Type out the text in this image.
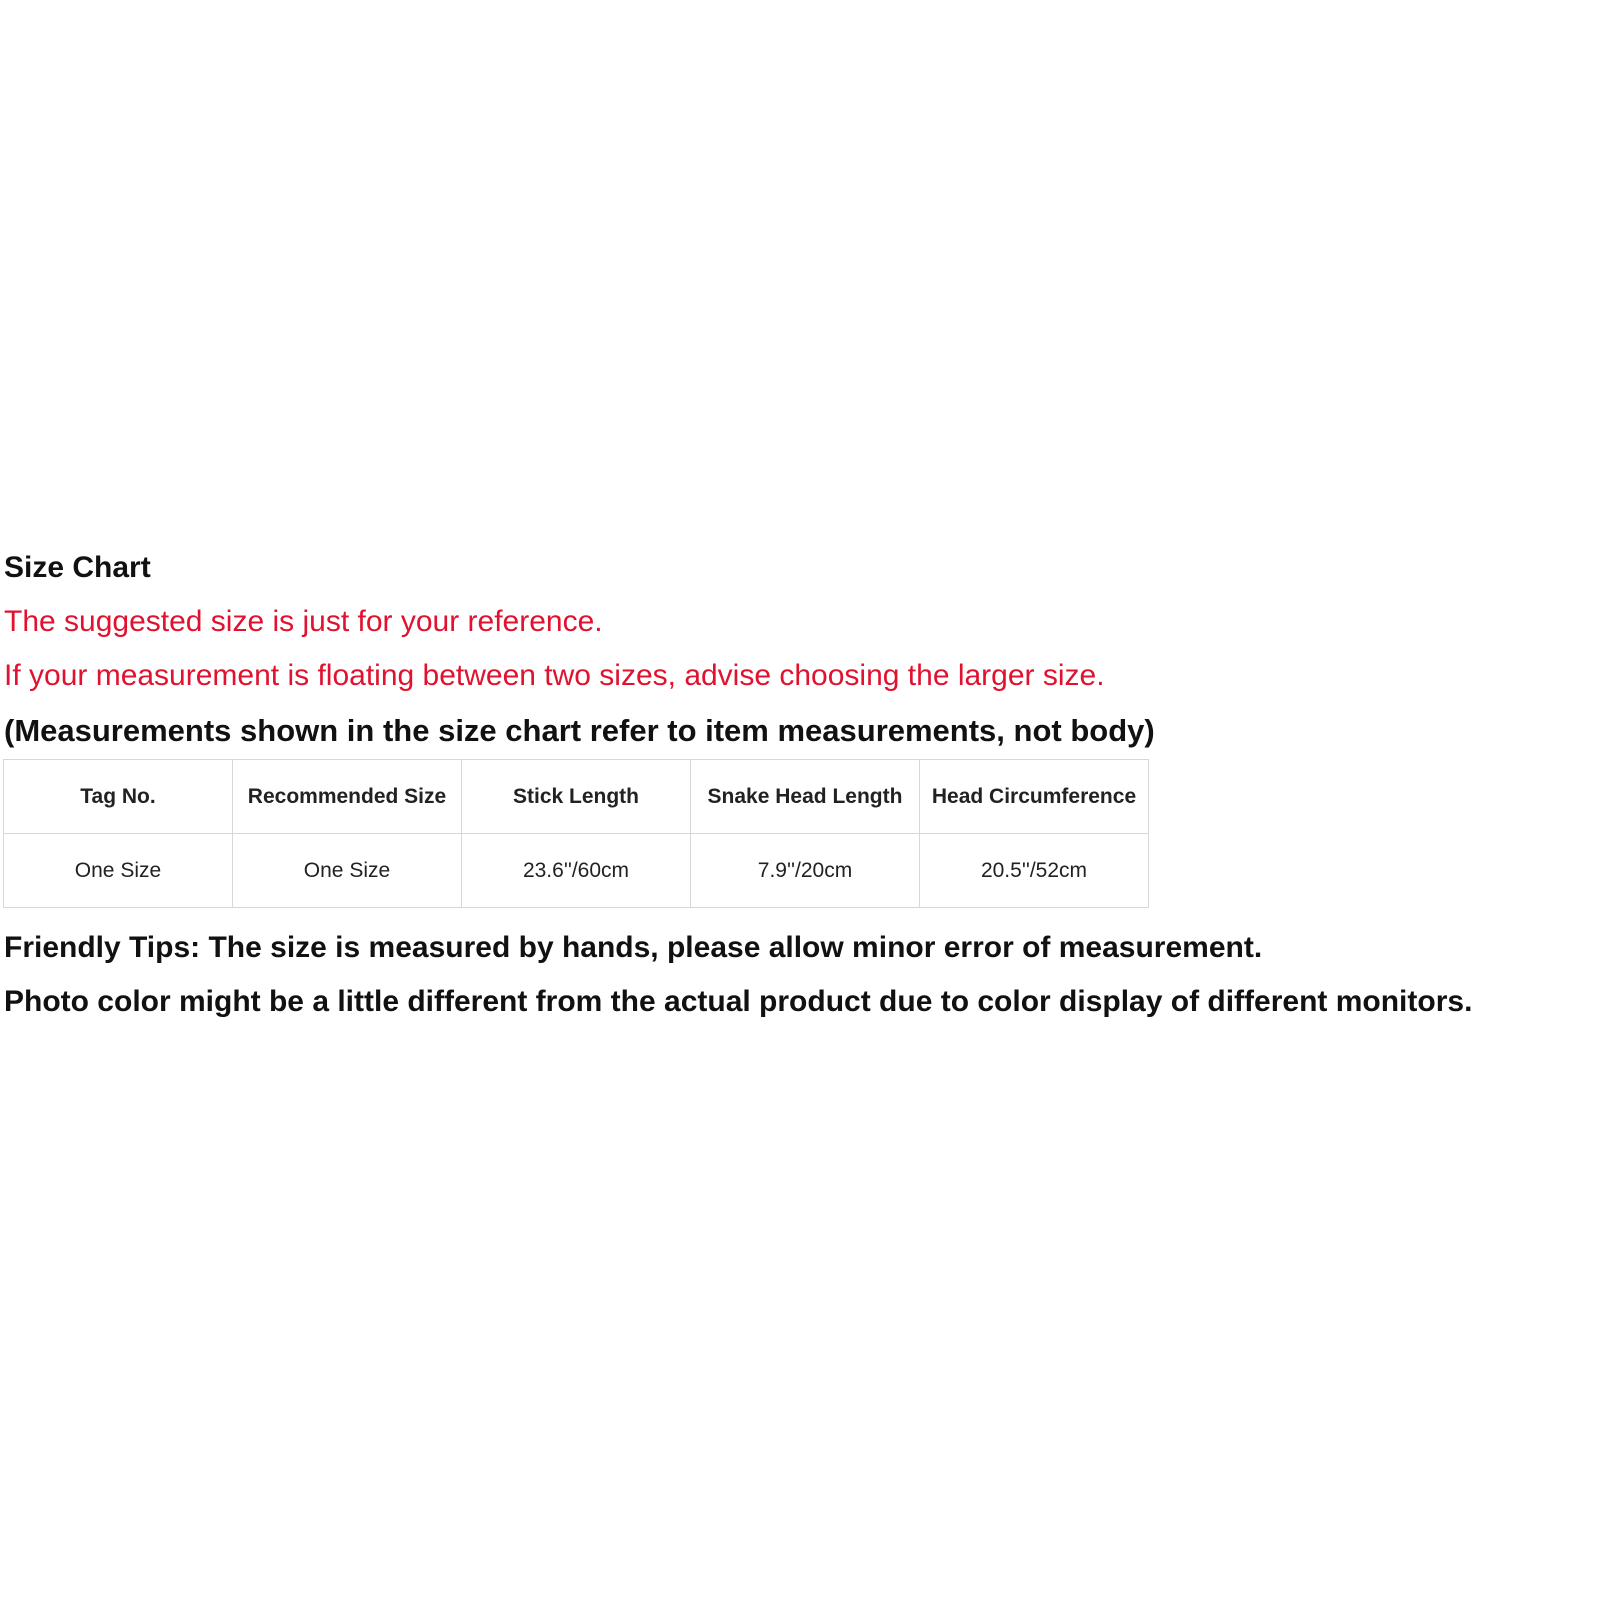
Size Chart
The suggested size is just for your reference.
If your measurement is floating between two sizes, advise choosing the larger size.
(Measurements shown in the size chart refer to item measurements, not body)
Tag No.	Recommended Size	Stick Length	Snake Head Length	Head Circumference
One Size	One Size	23.6''/60cm	7.9''/20cm	20.5''/52cm
Friendly Tips: The size is measured by hands, please allow minor error of measurement.
Photo color might be a little different from the actual product due to color display of different monitors.
